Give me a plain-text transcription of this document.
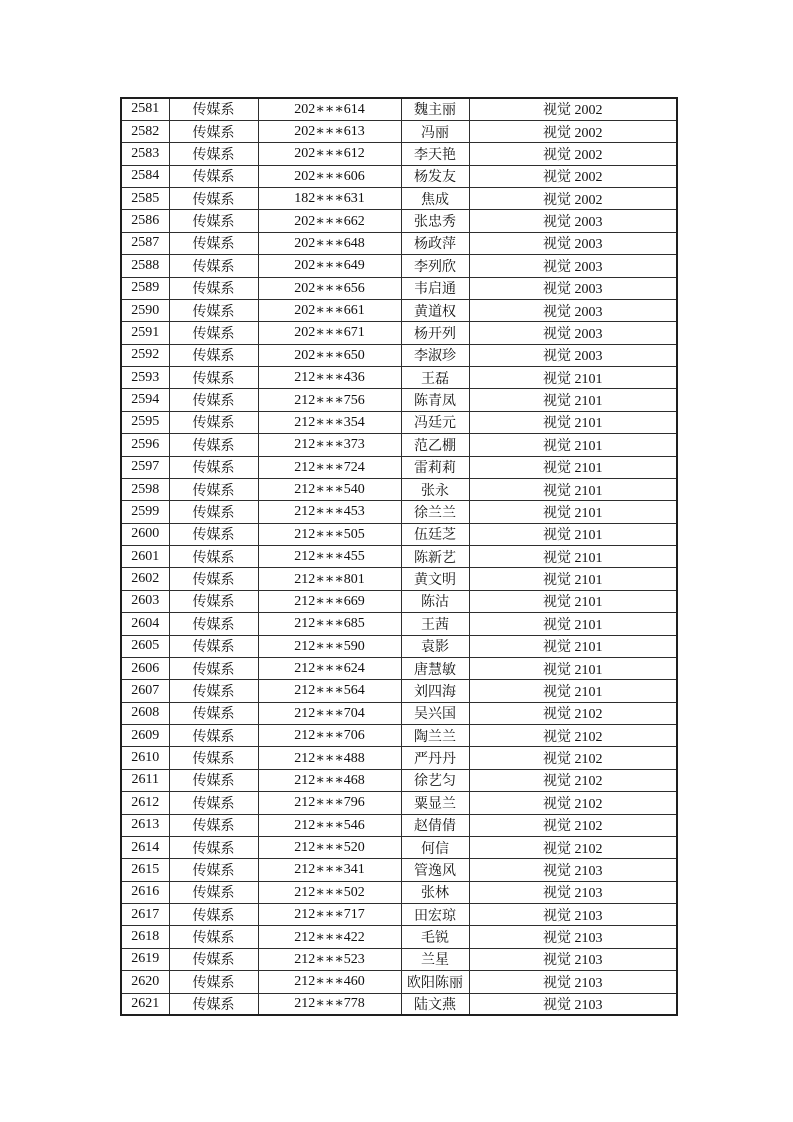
2581	传媒系	202∗∗∗614	魏主丽	视觉 2002
2582	传媒系	202∗∗∗613	冯丽	视觉 2002
2583	传媒系	202∗∗∗612	李天艳	视觉 2002
2584	传媒系	202∗∗∗606	杨发友	视觉 2002
2585	传媒系	182∗∗∗631	焦成	视觉 2002
2586	传媒系	202∗∗∗662	张忠秀	视觉 2003
2587	传媒系	202∗∗∗648	杨政萍	视觉 2003
2588	传媒系	202∗∗∗649	李列欣	视觉 2003
2589	传媒系	202∗∗∗656	韦启通	视觉 2003
2590	传媒系	202∗∗∗661	黄道权	视觉 2003
2591	传媒系	202∗∗∗671	杨开列	视觉 2003
2592	传媒系	202∗∗∗650	李淑珍	视觉 2003
2593	传媒系	212∗∗∗436	王磊	视觉 2101
2594	传媒系	212∗∗∗756	陈青凤	视觉 2101
2595	传媒系	212∗∗∗354	冯廷元	视觉 2101
2596	传媒系	212∗∗∗373	范乙棚	视觉 2101
2597	传媒系	212∗∗∗724	雷莉莉	视觉 2101
2598	传媒系	212∗∗∗540	张永	视觉 2101
2599	传媒系	212∗∗∗453	徐兰兰	视觉 2101
2600	传媒系	212∗∗∗505	伍廷芝	视觉 2101
2601	传媒系	212∗∗∗455	陈新艺	视觉 2101
2602	传媒系	212∗∗∗801	黄文明	视觉 2101
2603	传媒系	212∗∗∗669	陈沽	视觉 2101
2604	传媒系	212∗∗∗685	王茜	视觉 2101
2605	传媒系	212∗∗∗590	袁影	视觉 2101
2606	传媒系	212∗∗∗624	唐慧敏	视觉 2101
2607	传媒系	212∗∗∗564	刘四海	视觉 2101
2608	传媒系	212∗∗∗704	吴兴国	视觉 2102
2609	传媒系	212∗∗∗706	陶兰兰	视觉 2102
2610	传媒系	212∗∗∗488	严丹丹	视觉 2102
2611	传媒系	212∗∗∗468	徐艺匀	视觉 2102
2612	传媒系	212∗∗∗796	粟显兰	视觉 2102
2613	传媒系	212∗∗∗546	赵倩倩	视觉 2102
2614	传媒系	212∗∗∗520	何信	视觉 2102
2615	传媒系	212∗∗∗341	管逸风	视觉 2103
2616	传媒系	212∗∗∗502	张林	视觉 2103
2617	传媒系	212∗∗∗717	田宏琼	视觉 2103
2618	传媒系	212∗∗∗422	毛锐	视觉 2103
2619	传媒系	212∗∗∗523	兰星	视觉 2103
2620	传媒系	212∗∗∗460	欧阳陈丽	视觉 2103
2621	传媒系	212∗∗∗778	陆文燕	视觉 2103
